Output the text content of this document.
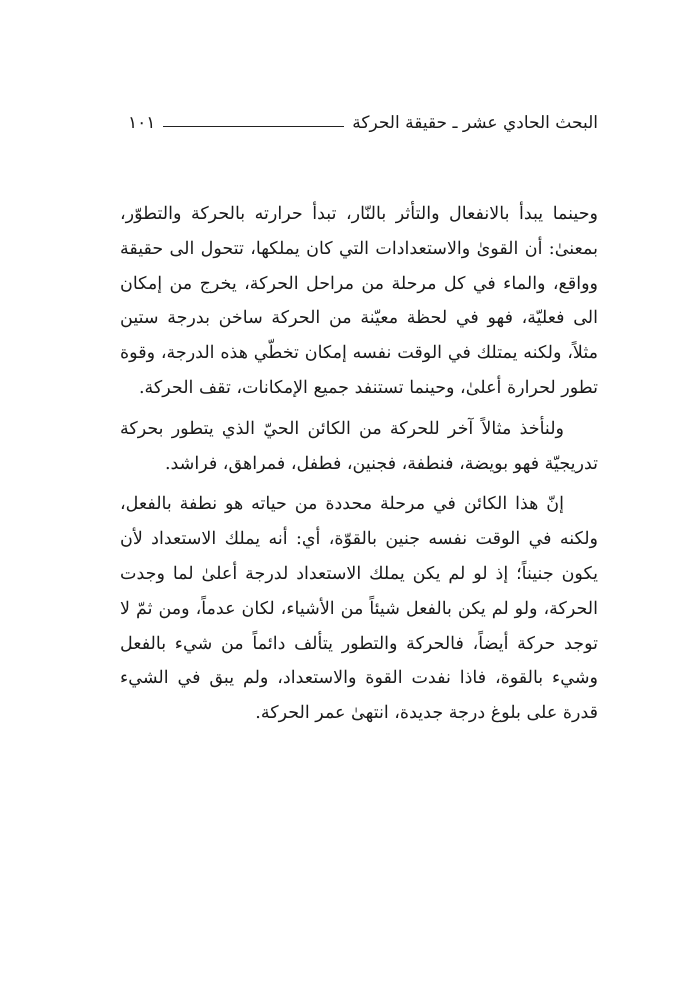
البحث الحادي عشر ـ حقيقة الحركة
١٠١

وحينما يبدأ بالانفعال والتأثر بالنّار، تبدأ حرارته بالحركة والتطوّر، بمعنىٰ: أن القوىٰ والاستعدادات التي كان يملكها، تتحول الى حقيقة وواقع، والماء في كل مرحلة من مراحل الحركة، يخرج من إمكان الى فعليّة، فهو في لحظة معيّنة من الحركة ساخن بدرجة ستين مثلاً، ولكنه يمتلك في الوقت نفسه إمكان تخطّي هذه الدرجة، وقوة تطور لحرارة أعلىٰ، وحينما تستنفد جميع الإمكانات، تقف الحركة.

ولنأخذ مثالاً آخر للحركة من الكائن الحيّ الذي يتطور بحركة تدريجيّة فهو بويضة، فنطفة، فجنين، فطفل، فمراهق، فراشد.

إنّ هذا الكائن في مرحلة محددة من حياته هو نطفة بالفعل، ولكنه في الوقت نفسه جنين بالقوّة، أي: أنه يملك الاستعداد لأن يكون جنيناً؛ إذ لو لم يكن يملك الاستعداد لدرجة أعلىٰ لما وجدت الحركة، ولو لم يكن بالفعل شيئاً من الأشياء، لكان عدماً، ومن ثمّ لا توجد حركة أيضاً، فالحركة والتطور يتألف دائماً من شيء بالفعل وشيء بالقوة، فاذا نفدت القوة والاستعداد، ولم يبق في الشيء قدرة على بلوغ درجة جديدة، انتهىٰ عمر الحركة.
